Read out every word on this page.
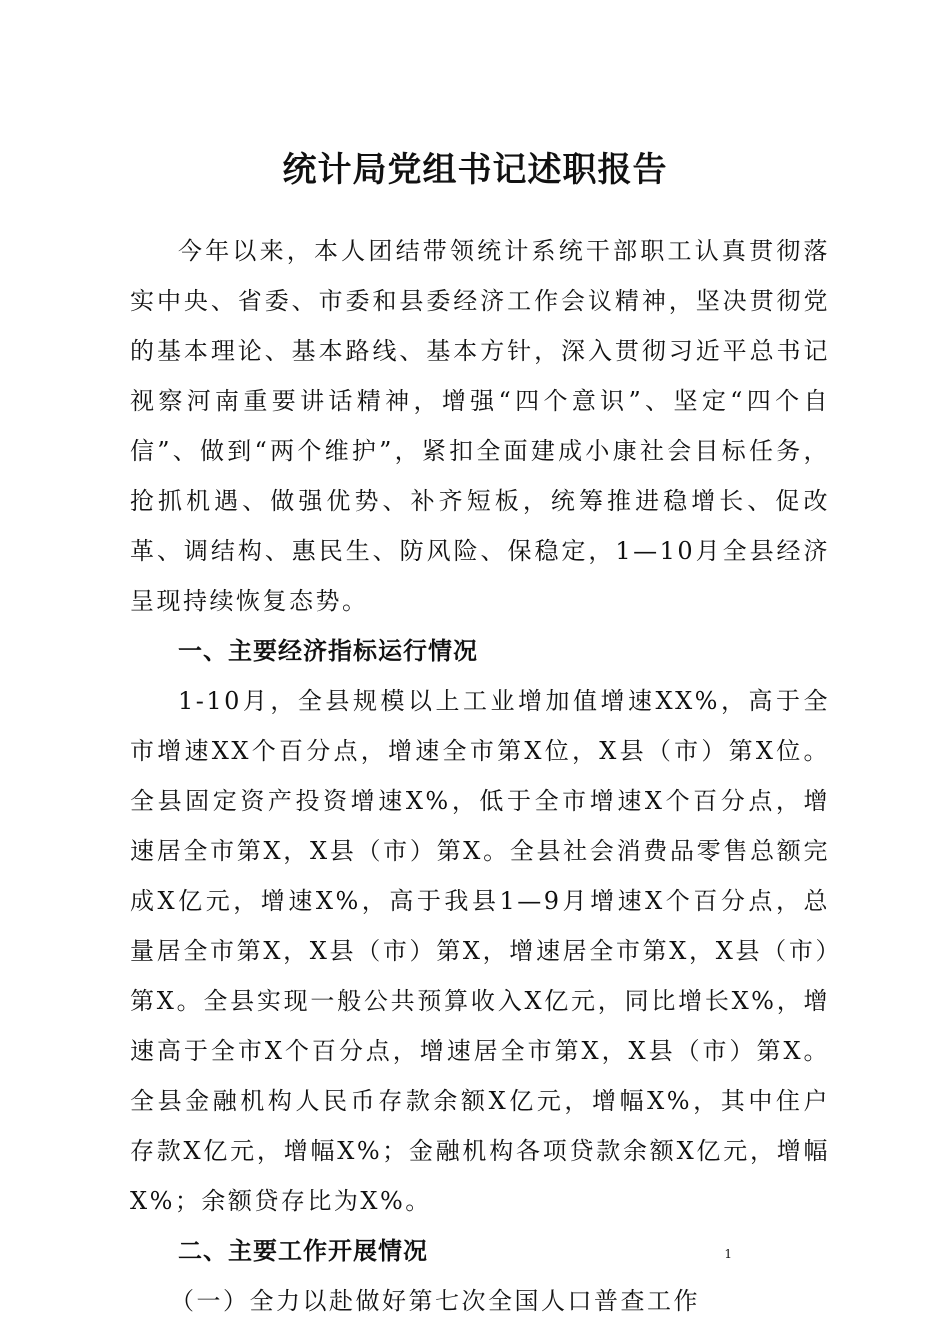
统计局党组书记述职报告

今年以来，本人团结带领统计系统干部职工认真贯彻落实中央、省委、市委和县委经济工作会议精神，坚决贯彻党的基本理论、基本路线、基本方针，深入贯彻习近平总书记视察河南重要讲话精神，增强“四个意识”、坚定“四个自信”、做到“两个维护”，紧扣全面建成小康社会目标任务，抢抓机遇、做强优势、补齐短板，统筹推进稳增长、促改革、调结构、惠民生、防风险、保稳定，1—10月全县经济呈现持续恢复态势。

一、主要经济指标运行情况

1-10月，全县规模以上工业增加值增速XX%，高于全市增速XX个百分点，增速全市第X位，X县（市）第X位。全县固定资产投资增速X%，低于全市增速X个百分点，增速居全市第X，X县（市）第X。全县社会消费品零售总额完成X亿元，增速X%，高于我县1—9月增速X个百分点，总量居全市第X，X县（市）第X，增速居全市第X，X县（市）第X。全县实现一般公共预算收入X亿元，同比增长X%，增速高于全市X个百分点，增速居全市第X，X县（市）第X。全县金融机构人民币存款余额X亿元，增幅X%，其中住户存款X亿元，增幅X%；金融机构各项贷款余额X亿元，增幅X%；余额贷存比为X%。

二、主要工作开展情况

（一）全力以赴做好第七次全国人口普查工作

1
